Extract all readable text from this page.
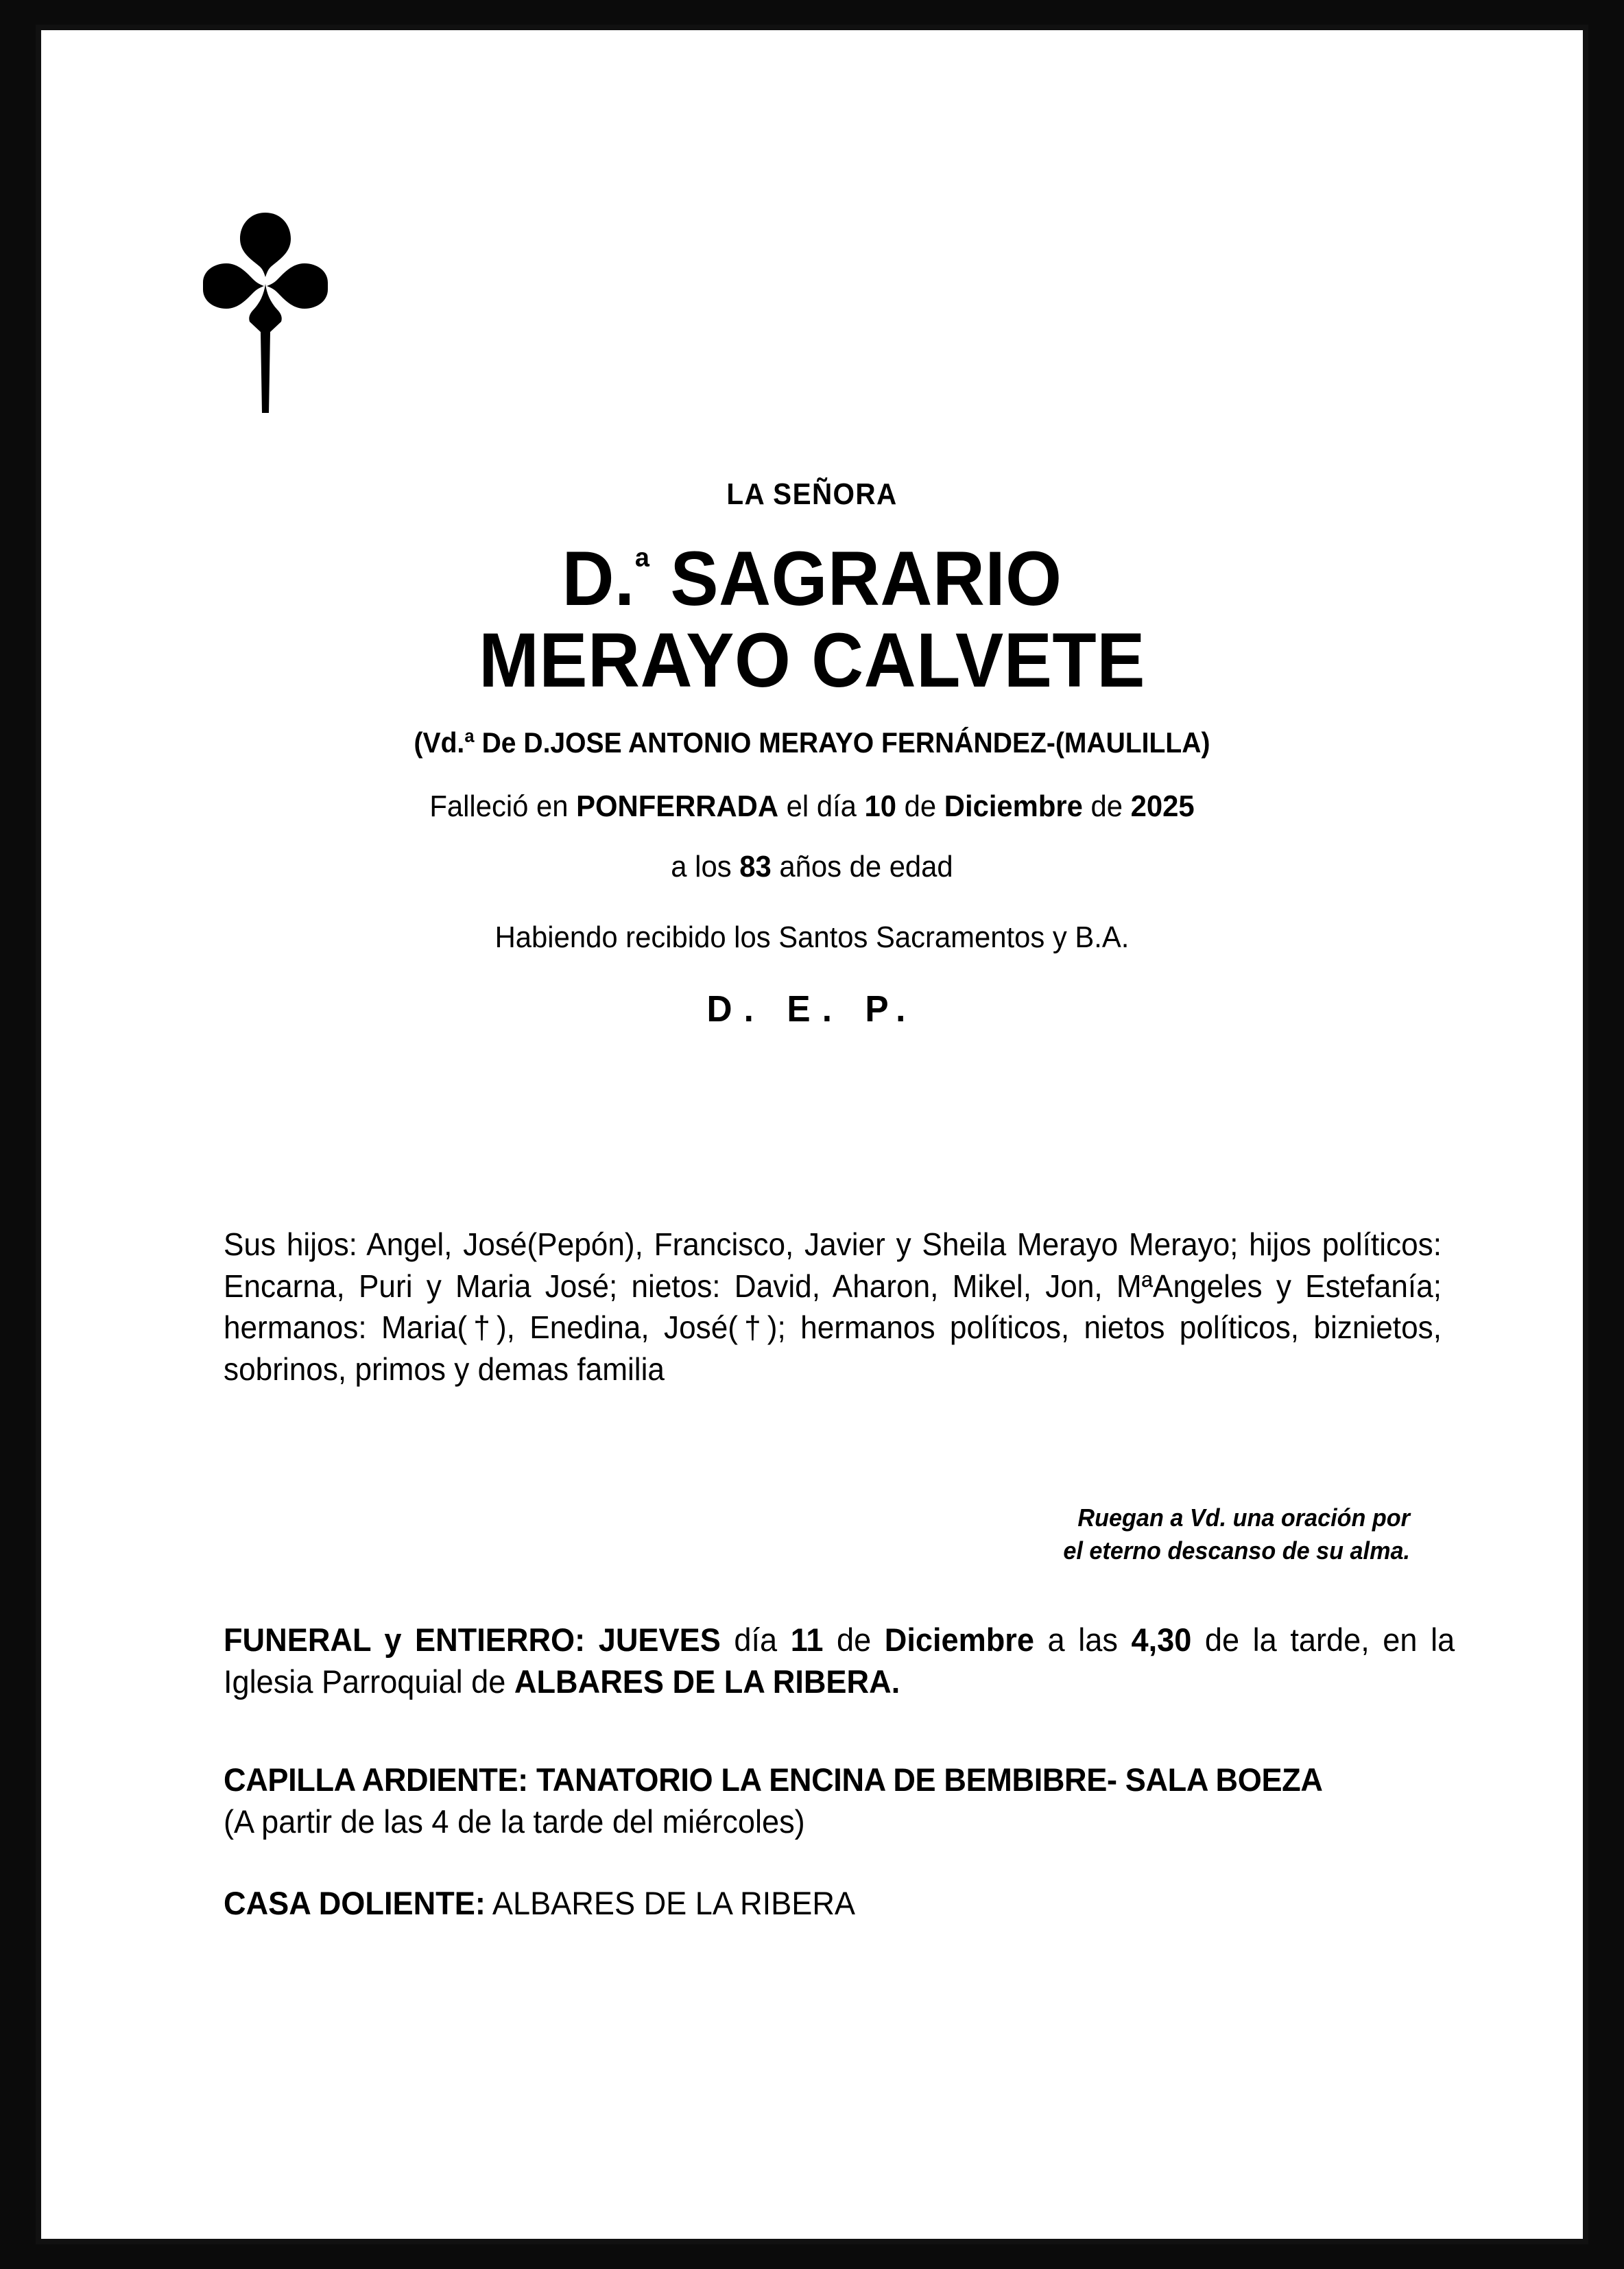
LA SEÑORA
D.$^ª$ SAGRARIO
MERAYO CALVETE
(Vd.ª De D.JOSE ANTONIO MERAYO FERNÁNDEZ-(MAULILLA)
Falleció en PONFERRADA el día 10 de Diciembre de 2025
a los 83 años de edad
Habiendo recibido los Santos Sacramentos y B.A.
D. E. P.
Sus hijos: Angel, José(Pepón), Francisco, Javier y Sheila Merayo Merayo; hijos políticos: Encarna, Puri y Maria José; nietos: David, Aharon, Mikel, Jon, MªAngeles y Estefanía; hermanos: Maria(†), Enedina, José(†); hermanos políticos, nietos políticos, biznietos, sobrinos, primos y demas familia
Ruegan a Vd. una oración por
el eterno descanso de su alma.
FUNERAL y ENTIERRO: JUEVES día 11 de Diciembre a las 4,30 de la tarde, en la Iglesia Parroquial de ALBARES DE LA RIBERA.
CAPILLA ARDIENTE: TANATORIO LA ENCINA DE BEMBIBRE- SALA BOEZA
(A partir de las 4 de la tarde del miércoles)
CASA DOLIENTE: ALBARES DE LA RIBERA
